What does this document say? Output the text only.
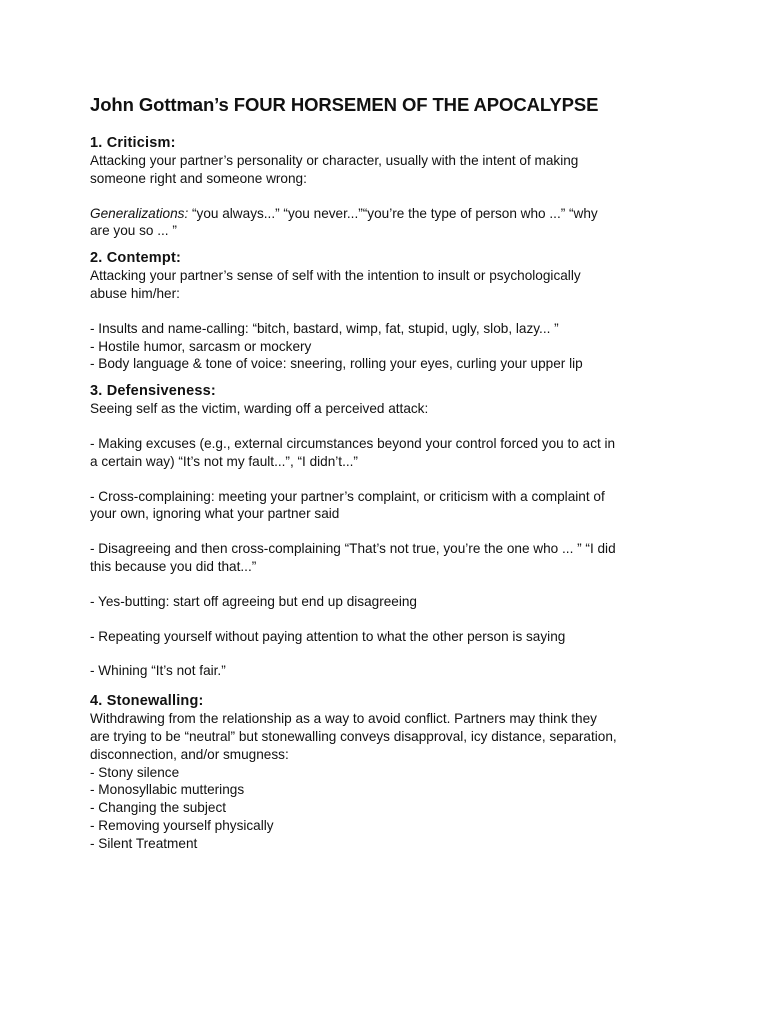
John Gottman’s FOUR HORSEMEN OF THE APOCALYPSE
1. Criticism:

Attacking your partner’s personality or character, usually with the intent of making

someone right and someone wrong:

Generalizations: “you always...” “you never...”“you’re the type of person who ...” “why

are you so ... ”

2. Contempt:

Attacking your partner’s sense of self with the intention to insult or psychologically

abuse him/her:

- Insults and name-calling: “bitch, bastard, wimp, fat, stupid, ugly, slob, lazy... ”

- Hostile humor, sarcasm or mockery

- Body language & tone of voice: sneering, rolling your eyes, curling your upper lip

3. Defensiveness:

Seeing self as the victim, warding off a perceived attack:

- Making excuses (e.g., external circumstances beyond your control forced you to act in

a certain way) “It’s not my fault...”, “I didn’t...”

- Cross-complaining: meeting your partner’s complaint, or criticism with a complaint of

your own, ignoring what your partner said

- Disagreeing and then cross-complaining “That’s not true, you’re the one who ... ” “I did

this because you did that...”

- Yes-butting: start off agreeing but end up disagreeing

- Repeating yourself without paying attention to what the other person is saying

- Whining “It’s not fair.”

4. Stonewalling:

Withdrawing from the relationship as a way to avoid conflict. Partners may think they

are trying to be “neutral” but stonewalling conveys disapproval, icy distance, separation,

disconnection, and/or smugness:

- Stony silence

- Monosyllabic mutterings

- Changing the subject

- Removing yourself physically

- Silent Treatment
